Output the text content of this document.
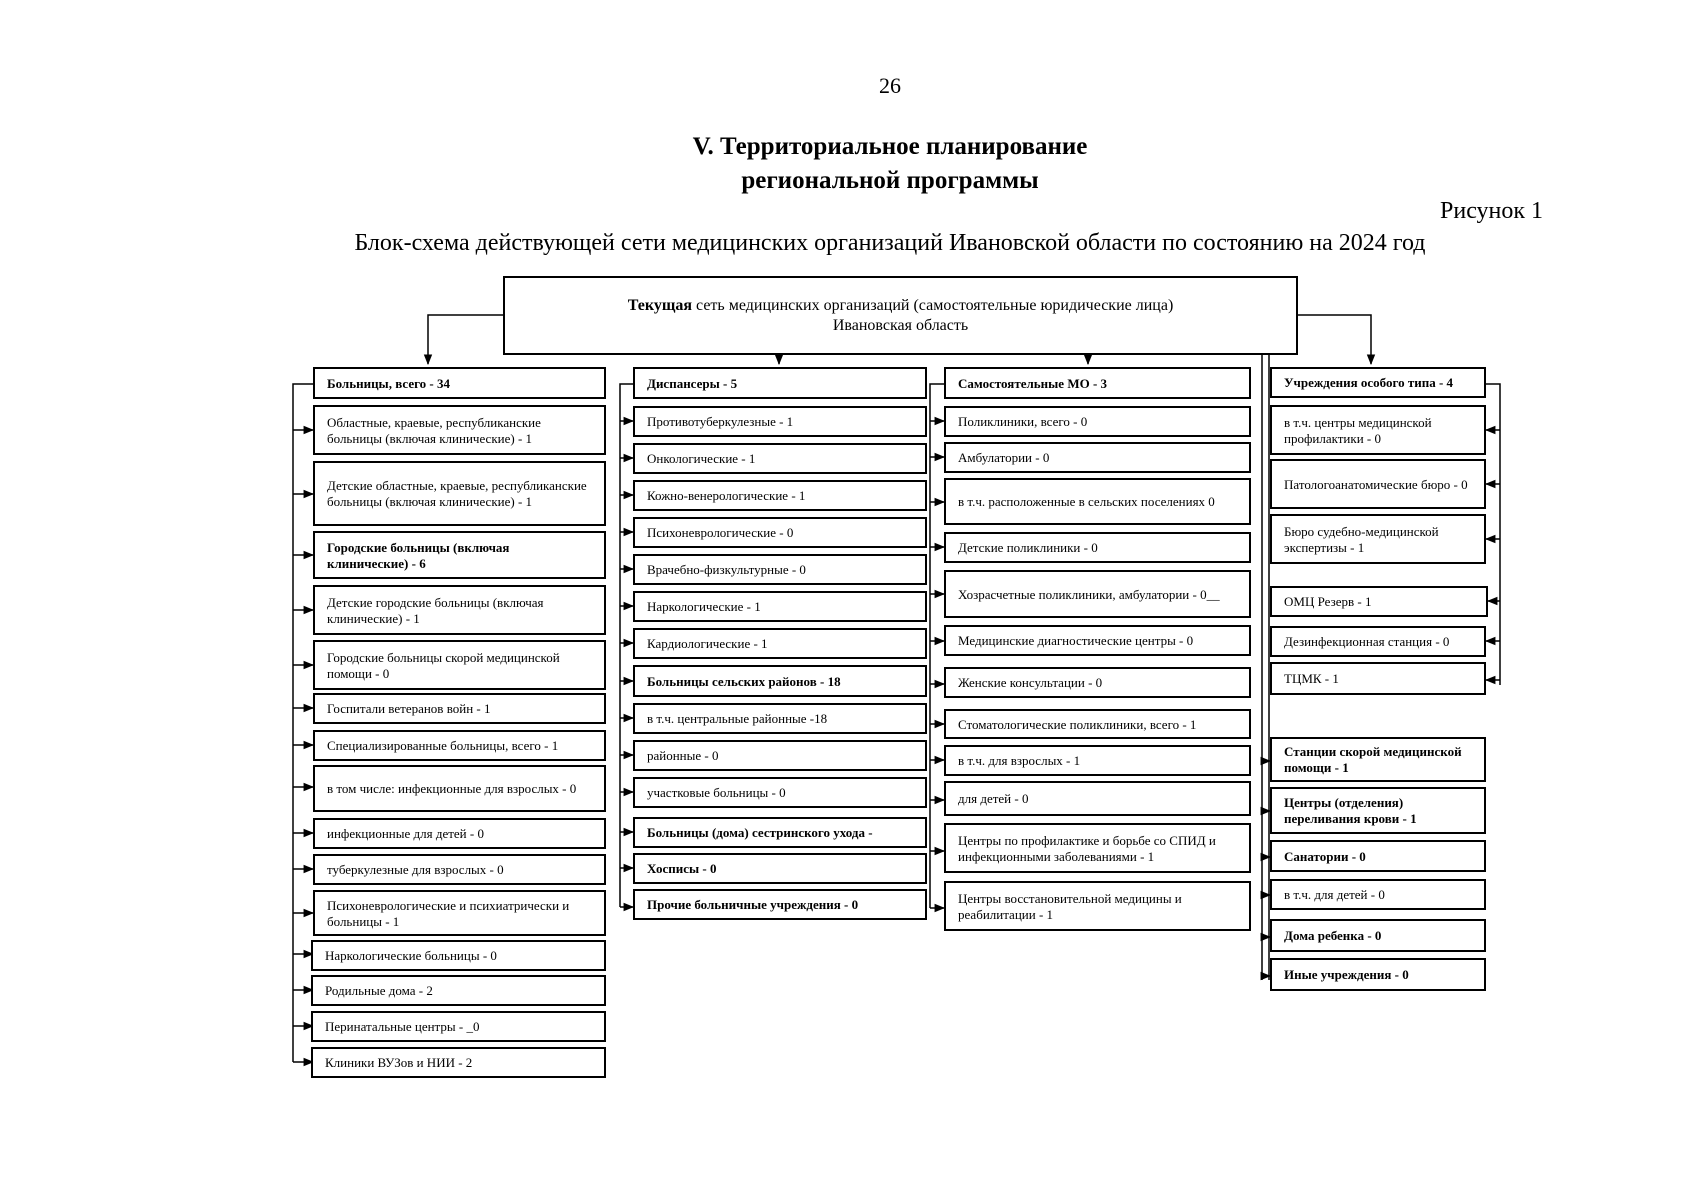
26
V. Территориальное планирование
региональной программы
Рисунок 1
Блок-схема действующей сети медицинских организаций Ивановской области по состоянию на 2024 год
Текущая сеть медицинских организаций (самостоятельные юридические лица)
Ивановская область
Больницы, всего - 34
Областные, краевые, республиканские больницы (включая клинические) - 1
Детские областные, краевые, республиканские больницы (включая клинические) - 1
Городские больницы (включая клинические) - 6
Детские городские больницы (включая клинические) - 1
Городские больницы скорой медицинской помощи - 0
Госпитали ветеранов войн - 1
Специализированные больницы, всего - 1
в том числе: инфекционные для взрослых - 0
инфекционные для детей - 0
туберкулезные для взрослых - 0
Психоневрологические и психиатрически и больницы - 1
Наркологические больницы - 0
Родильные дома - 2
Перинатальные центры - _0
Клиники ВУЗов и НИИ - 2
Диспансеры - 5
Противотуберкулезные - 1
Онкологические - 1
Кожно-венерологические - 1
Психоневрологические - 0
Врачебно-физкультурные - 0
Наркологические - 1
Кардиологические - 1
Больницы сельских районов - 18
в т.ч. центральные районные -18
районные - 0
участковые больницы - 0
Больницы (дома) сестринского ухода -
Хосписы - 0
Прочие больничные учреждения - 0
Самостоятельные МО - 3
Поликлиники, всего - 0
Амбулатории - 0
в т.ч. расположенные в сельских поселениях 0
Детские поликлиники - 0
Хозрасчетные поликлиники, амбулатории - 0__
Медицинские диагностические центры - 0
Женские консультации - 0
Стоматологические поликлиники, всего - 1
в т.ч. для взрослых - 1
для детей - 0
Центры по профилактике и борьбе со СПИД и инфекционными заболеваниями - 1
Центры восстановительной медицины и реабилитации - 1
Учреждения особого типа - 4
в т.ч. центры медицинской профилактики - 0
Патологоанатомические бюро - 0
Бюро судебно-медицинской экспертизы - 1
ОМЦ Резерв - 1
Дезинфекционная станция - 0
ТЦМК - 1
Станции скорой медицинской помощи - 1
Центры (отделения) переливания крови - 1
Санатории - 0
в т.ч. для детей - 0
Дома ребенка - 0
Иные учреждения - 0
